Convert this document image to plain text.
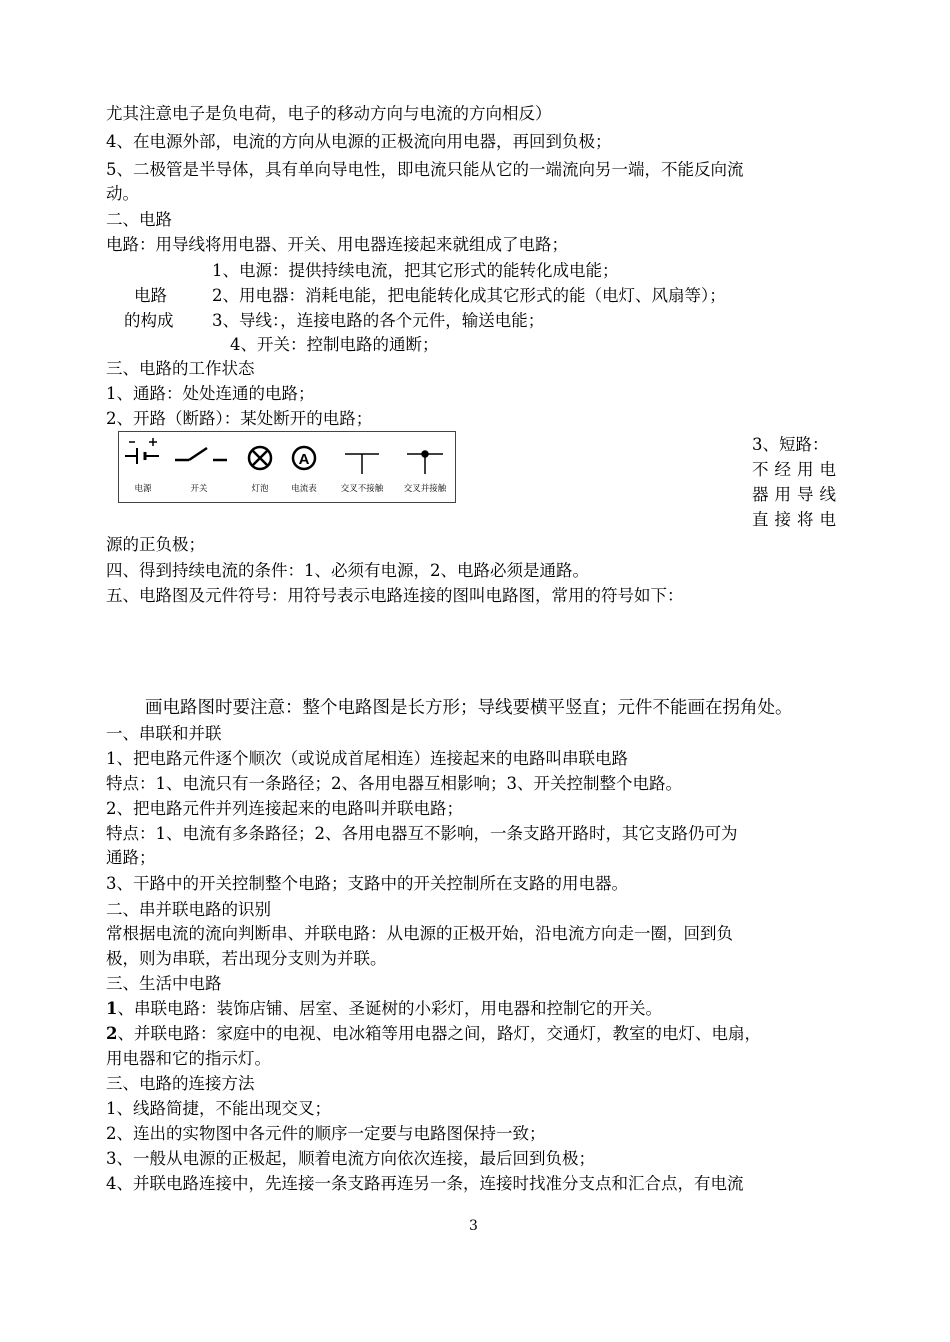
尤其注意电子是负电荷，电子的移动方向与电流的方向相反）
4、在电源外部，电流的方向从电源的正极流向用电器，再回到负极；
5、二极管是半导体，具有单向导电性，即电流只能从它的一端流向另一端，不能反向流
动。
二、电路
电路：用导线将用电器、开关、用电器连接起来就组成了电路；
1、电源：提供持续电流，把其它形式的能转化成电能；
电路	2、用电器：消耗电能，把电能转化成其它形式的能（电灯、风扇等）；
的构成 3、导线：，连接电路的各个元件，输送电能；
4、开关：控制电路的通断；
三、电路的工作状态
1、通路：处处连通的电路；
2、开路（断路）：某处断开的电路；
A
电源	开关	灯泡	电流表	交叉不接触 交叉并接触
3、短路：
不经用电
器用导线
直接将电
源的正负极；
四、得到持续电流的条件：1、必须有电源，2、电路必须是通路。
五、电路图及元件符号：用符号表示电路连接的图叫电路图，常用的符号如下：
画电路图时要注意：整个电路图是长方形；导线要横平竖直；元件不能画在拐角处。
一、串联和并联
1、把电路元件逐个顺次（或说成首尾相连）连接起来的电路叫串联电路
特点：1、电流只有一条路径；2、各用电器互相影响；3、开关控制整个电路。
2、把电路元件并列连接起来的电路叫并联电路；
特点：1、电流有多条路径；2、各用电器互不影响，一条支路开路时，其它支路仍可为
通路；
3、干路中的开关控制整个电路；支路中的开关控制所在支路的用电器。
二、串并联电路的识别
常根据电流的流向判断串、并联电路：从电源的正极开始，沿电流方向走一圈，回到负
极，则为串联，若出现分支则为并联。
三、生活中电路
1、串联电路：装饰店铺、居室、圣诞树的小彩灯，用电器和控制它的开关。
2、并联电路：家庭中的电视、电冰箱等用电器之间，路灯，交通灯，教室的电灯、电扇，
用电器和它的指示灯。
三、电路的连接方法
1、线路简捷，不能出现交叉；
2、连出的实物图中各元件的顺序一定要与电路图保持一致；
3、一般从电源的正极起，顺着电流方向依次连接，最后回到负极；
4、并联电路连接中，先连接一条支路再连另一条，连接时找准分支点和汇合点，有电流
3
